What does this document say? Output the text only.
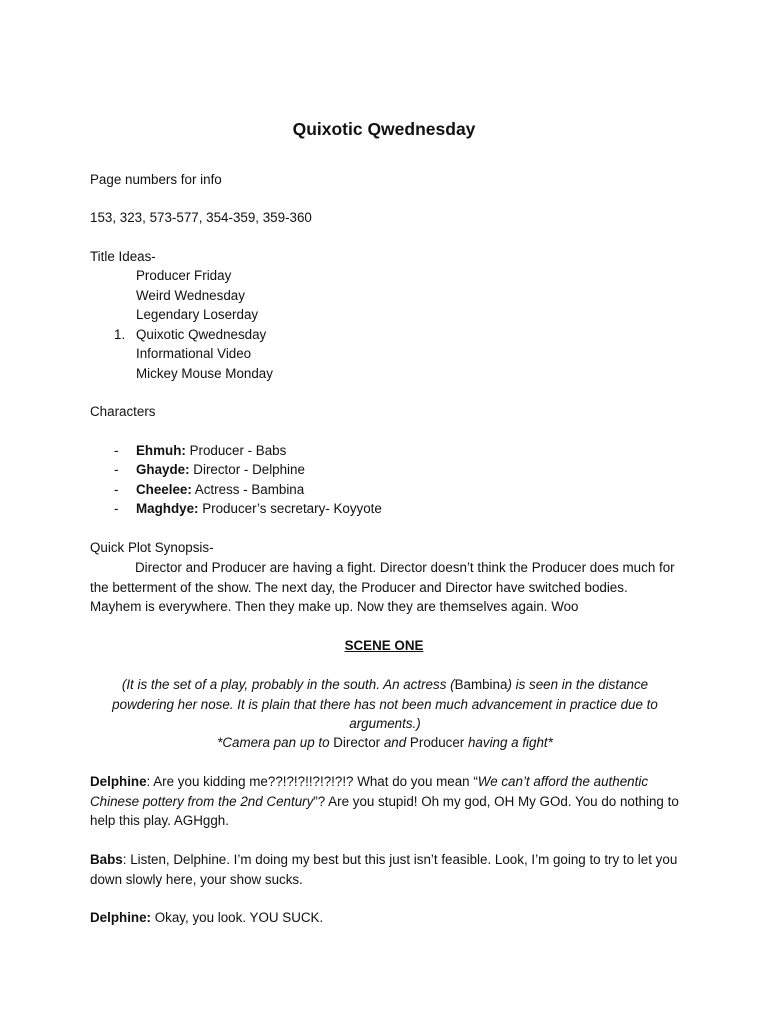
Quixotic Qwednesday
Page numbers for info
153, 323, 573-577, 354-359, 359-360
Title Ideas-
Producer Friday
Weird Wednesday
Legendary Loserday
1. Quixotic Qwednesday
Informational Video
Mickey Mouse Monday
Characters
- Ehmuh: Producer - Babs
- Ghayde: Director - Delphine
- Cheelee: Actress - Bambina
- Maghdye: Producer’s secretary- Koyyote
Quick Plot Synopsis-
Director and Producer are having a fight. Director doesn’t think the Producer does much for the betterment of the show. The next day, the Producer and Director have switched bodies. Mayhem is everywhere. Then they make up. Now they are themselves again. Woo
SCENE ONE
(It is the set of a play, probably in the south. An actress (Bambina) is seen in the distance powdering her nose. It is plain that there has not been much advancement in practice due to arguments.)
*Camera pan up to Director and Producer having a fight*
Delphine: Are you kidding me??!?!?!!?!?!?!? What do you mean “We can’t afford the authentic Chinese pottery from the 2nd Century”? Are you stupid! Oh my god, OH My GOd. You do nothing to help this play. AGHggh.
Babs: Listen, Delphine. I’m doing my best but this just isn’t feasible. Look, I’m going to try to let you down slowly here, your show sucks.
Delphine: Okay, you look. YOU SUCK.
